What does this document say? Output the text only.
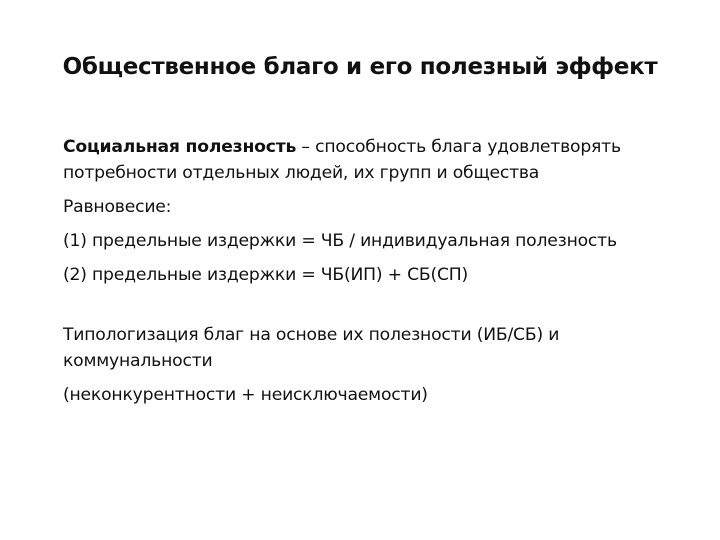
Общественное благо и его полезный эффект

Социальная полезность – способность блага удовлетворять потребности отдельных людей, их групп и общества

Равновесие:

(1) предельные издержки = ЧБ / индивидуальная полезность

(2) предельные издержки = ЧБ(ИП) + СБ(СП)

Типологизация благ на основе их полезности (ИБ/СБ) и коммунальности

(неконкурентности + неисключаемости)
